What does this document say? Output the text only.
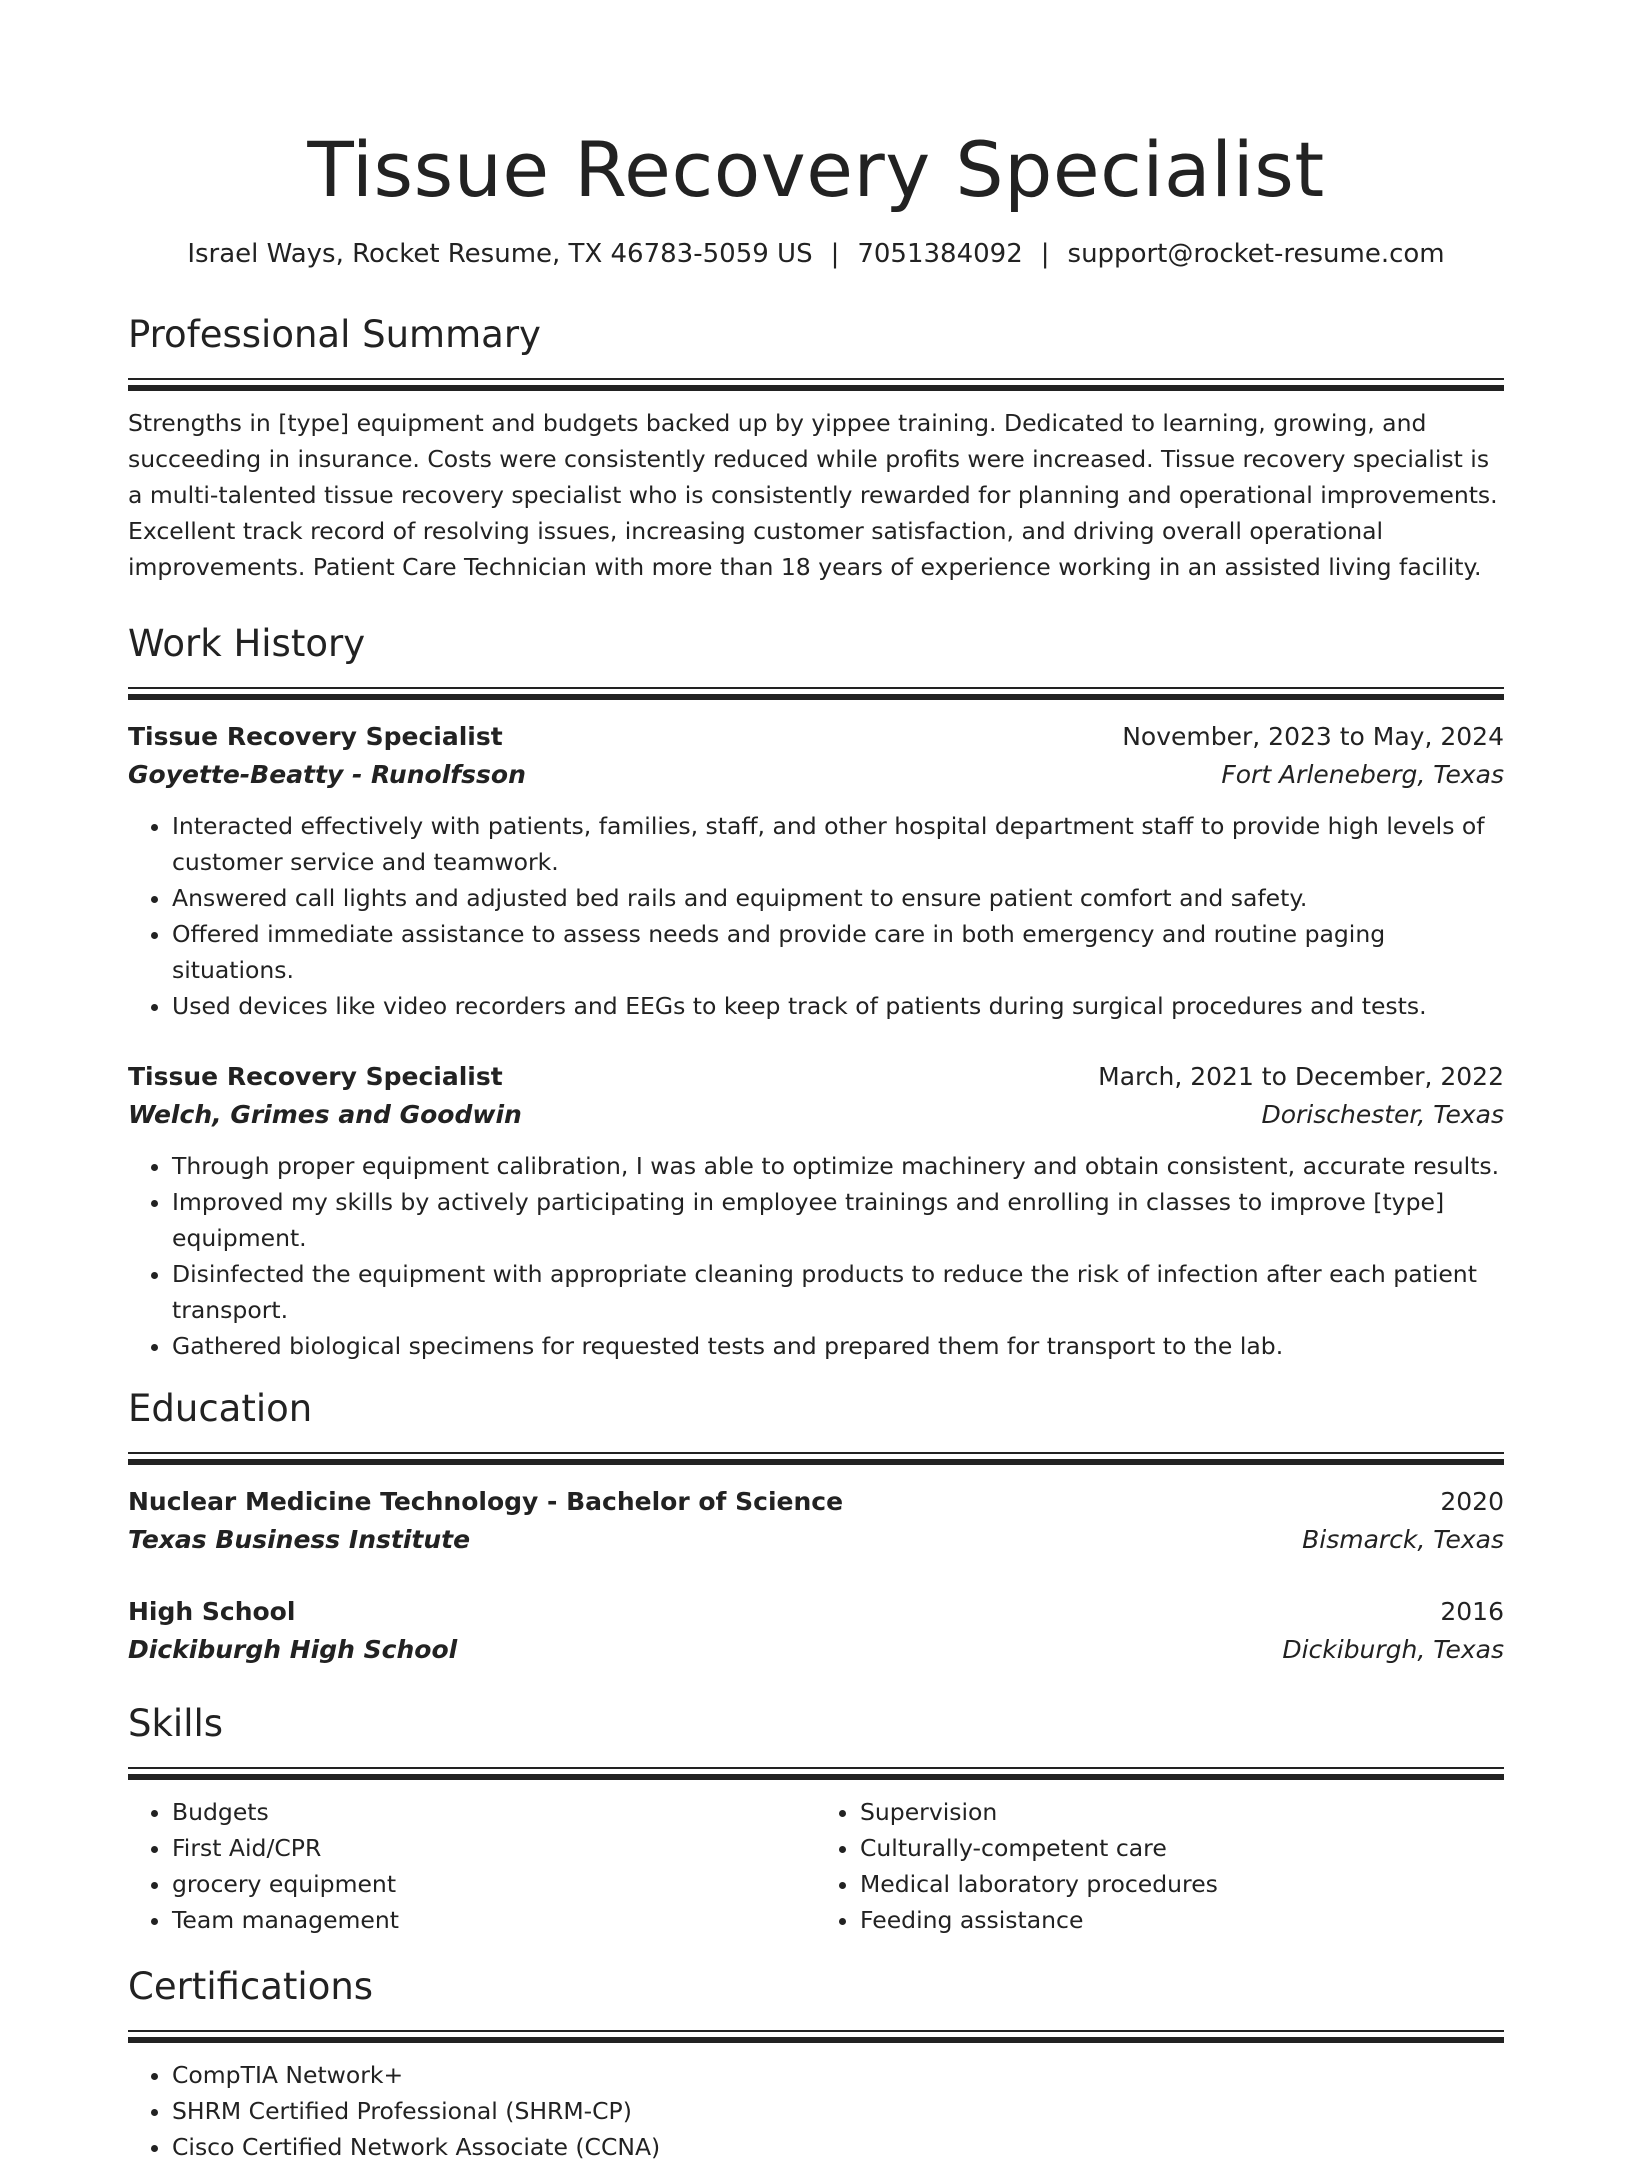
Tissue Recovery Specialist
Israel Ways, Rocket Resume, TX 46783-5059 US | 7051384092 | support@rocket-resume.com
Professional Summary
Strengths in [type] equipment and budgets backed up by yippee training. Dedicated to learning, growing, and succeeding in insurance. Costs were consistently reduced while profits were increased. Tissue recovery specialist is a multi-talented tissue recovery specialist who is consistently rewarded for planning and operational improvements. Excellent track record of resolving issues, increasing customer satisfaction, and driving overall operational improvements. Patient Care Technician with more than 18 years of experience working in an assisted living facility.
Work History
Tissue Recovery Specialist	November, 2023 to May, 2024
Goyette-Beatty - Runolfsson	Fort Arleneberg, Texas
• Interacted effectively with patients, families, staff, and other hospital department staff to provide high levels of customer service and teamwork.
• Answered call lights and adjusted bed rails and equipment to ensure patient comfort and safety.
• Offered immediate assistance to assess needs and provide care in both emergency and routine paging situations.
• Used devices like video recorders and EEGs to keep track of patients during surgical procedures and tests.
Tissue Recovery Specialist	March, 2021 to December, 2022
Welch, Grimes and Goodwin	Dorischester, Texas
• Through proper equipment calibration, I was able to optimize machinery and obtain consistent, accurate results.
• Improved my skills by actively participating in employee trainings and enrolling in classes to improve [type] equipment.
• Disinfected the equipment with appropriate cleaning products to reduce the risk of infection after each patient transport.
• Gathered biological specimens for requested tests and prepared them for transport to the lab.
Education
Nuclear Medicine Technology - Bachelor of Science	2020
Texas Business Institute	Bismarck, Texas
High School	2016
Dickiburgh High School	Dickiburgh, Texas
Skills
• Budgets
• First Aid/CPR
• grocery equipment
• Team management
• Supervision
• Culturally-competent care
• Medical laboratory procedures
• Feeding assistance
Certifications
• CompTIA Network+
• SHRM Certified Professional (SHRM-CP)
• Cisco Certified Network Associate (CCNA)
